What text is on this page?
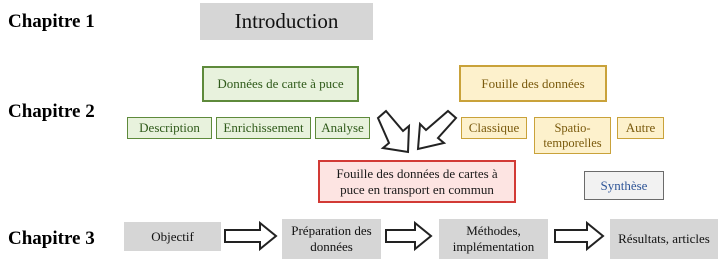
Chapitre 1
Chapitre 2
Chapitre 3
Introduction
Données de carte à puce
Description	Enrichissement	Analyse
Fouille des données
Classique	Spatio-temporelles
Autre
Fouille des données de cartes à puce en transport en commun	Synthèse
Objectif	Préparation des données
Méthodes, implémentation
Résultats, articles
